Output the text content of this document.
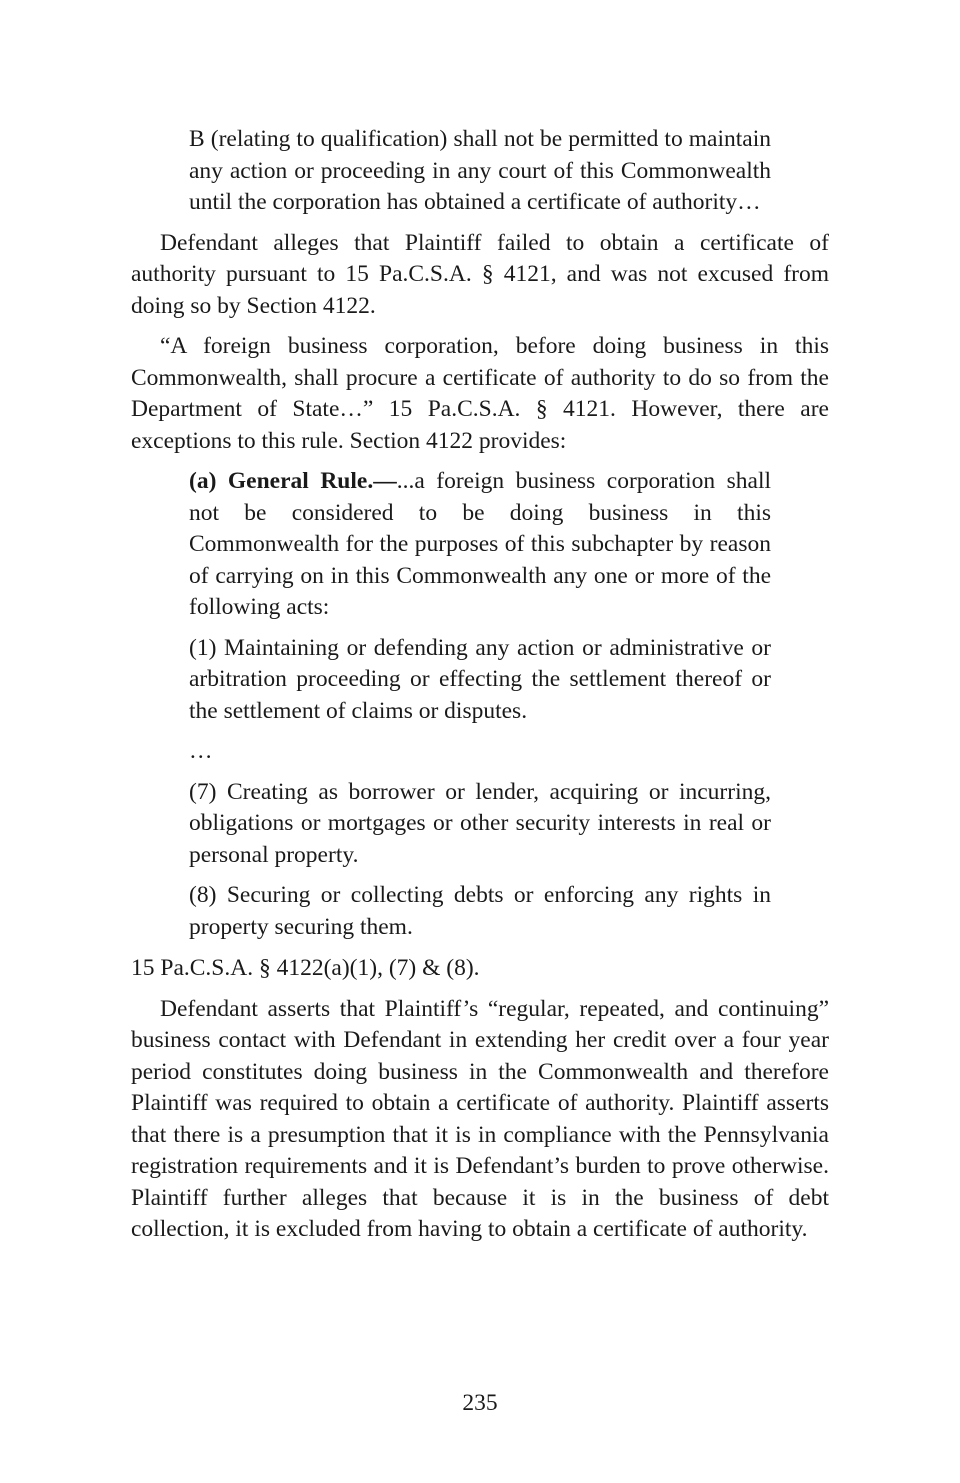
B (relating to qualification) shall not be permitted to maintain any action or proceeding in any court of this Commonwealth until the corporation has obtained a certificate of authority…

Defendant alleges that Plaintiff failed to obtain a certificate of authority pursuant to 15 Pa.C.S.A. § 4121, and was not excused from doing so by Section 4122.

“A foreign business corporation, before doing business in this Commonwealth, shall procure a certificate of authority to do so from the Department of State…” 15 Pa.C.S.A. § 4121. However, there are exceptions to this rule. Section 4122 provides:

(a) General Rule.—...a foreign business corporation shall not be considered to be doing business in this Commonwealth for the purposes of this subchapter by reason of carrying on in this Commonwealth any one or more of the following acts:

(1) Maintaining or defending any action or administrative or arbitration proceeding or effecting the settlement thereof or the settlement of claims or disputes.

…

(7) Creating as borrower or lender, acquiring or incurring, obligations or mortgages or other security interests in real or personal property.

(8) Securing or collecting debts or enforcing any rights in property securing them.

15 Pa.C.S.A. § 4122(a)(1), (7) & (8).

Defendant asserts that Plaintiff’s “regular, repeated, and continuing” business contact with Defendant in extending her credit over a four year period constitutes doing business in the Commonwealth and therefore Plaintiff was required to obtain a certificate of authority. Plaintiff asserts that there is a presumption that it is in compliance with the Pennsylvania registration requirements and it is Defendant’s burden to prove otherwise. Plaintiff further alleges that because it is in the business of debt collection, it is excluded from having to obtain a certificate of authority.

235
